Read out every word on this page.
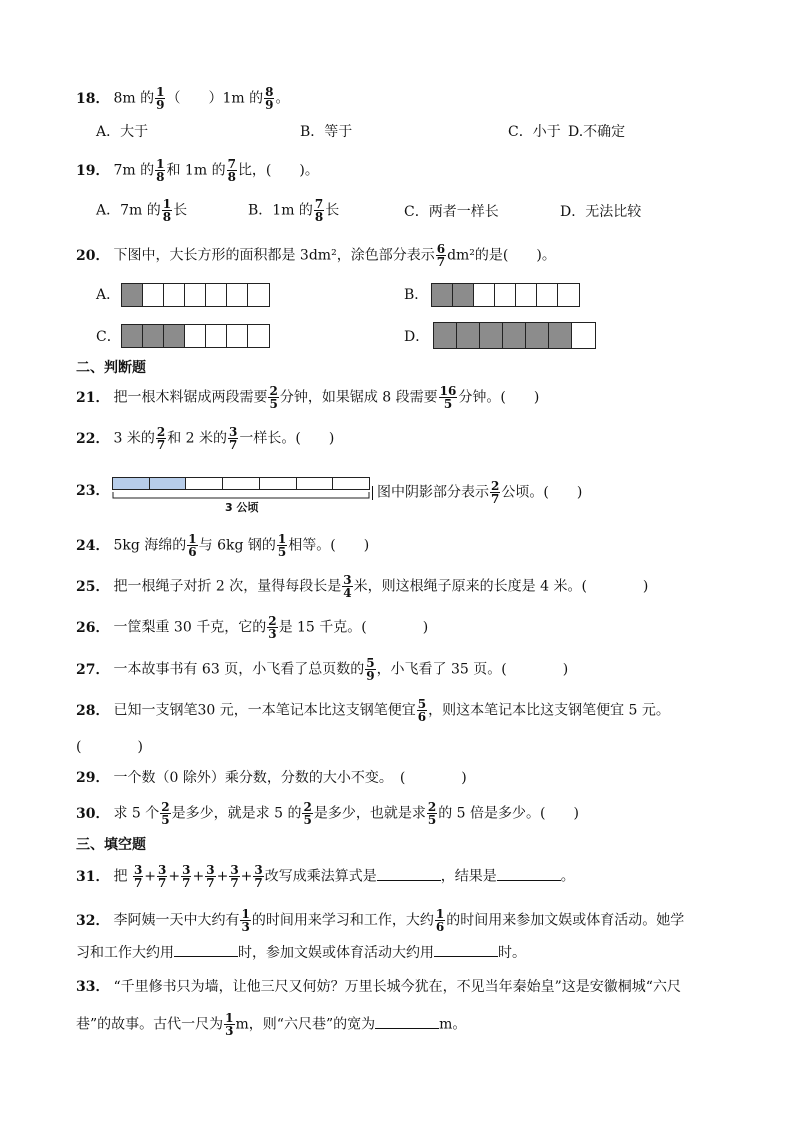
18． 8m 的 $\frac{1}{9}$ （　　）1m 的 $\frac{8}{9}$ 。
A．大于	B．等于	C．小于 D.不确定
19． 7m 的 $\frac{1}{8}$ 和 1m 的 $\frac{7}{8}$ 比，(　　)。
A．7m 的 $\frac{1}{8}$ 长	B．1m 的 $\frac{7}{8}$ 长	C．两者一样长	D．无法比较
20． 下图中，大长方形的面积都是 3dm²，涂色部分表示 $\frac{6}{7} dm^2$的是(　　)。
A．	B．
C．	D．
二、判断题
21． 把一根木料锯成两段需要 $\frac{2}{5}$ 分钟，如果锯成 8 段需要 $\frac{16}{5}$ 分钟。(　　)
22． 3 米的 $\frac{2}{7}$ 和 2 米的 $\frac{3}{7}$ 一样长。(　　)
23．
3 公顷
图中阴影部分表示 $\frac{2}{7}$ 公顷。(　　)
24． 5kg 海绵的 $\frac{1}{6}$ 与 6kg 钢的 $\frac{1}{5}$ 相等。(　　)
25． 把一根绳子对折 2 次，量得每段长是 $\frac{3}{4}$ 米，则这根绳子原来的长度是 4 米。(　　　　)
26． 一筐梨重 30 千克，它的 $\frac{2}{3}$ 是 15 千克。(　　　　)
27． 一本故事书有 63 页，小飞看了总页数的 $\frac{5}{9}$ ，小飞看了 35 页。(　　　　)
28． 已知一支钢笔30 元，一本笔记本比这支钢笔便宜 $\frac{5}{6}$ ，则这本笔记本比这支钢笔便宜 5 元。
(　　　　)
29． 一个数（0 除外）乘分数，分数的大小不变。　(　　　　)
30． 求 5 个 $\frac{2}{5}$ 是多少，就是求 5 的 $\frac{2}{5}$ 是多少，也就是求 $\frac{2}{5}$ 的 5 倍是多少。(　　)
三、填空题
31． 把 $\frac{3}{7} + \frac{3}{7} + \frac{3}{7} + \frac{3}{7} + \frac{3}{7} + \frac{3}{7}$ 改写成乘法算式是	，结果是	。
32． 李阿姨一天中大约有 $\frac{1}{3}$ 的时间用来学习和工作，大约 $\frac{1}{6}$ 的时间用来参加文娱或体育活动。她学
习和工作大约用	时，参加文娱或体育活动大约用	时。
33． “千里修书只为墙，让他三尺又何妨？万里长城今犹在，不见当年秦始皇”这是安徽桐城“六尺
巷”的故事。古代一尺为 $\frac{1}{3}$ m，则“六尺巷”的宽为	m。
